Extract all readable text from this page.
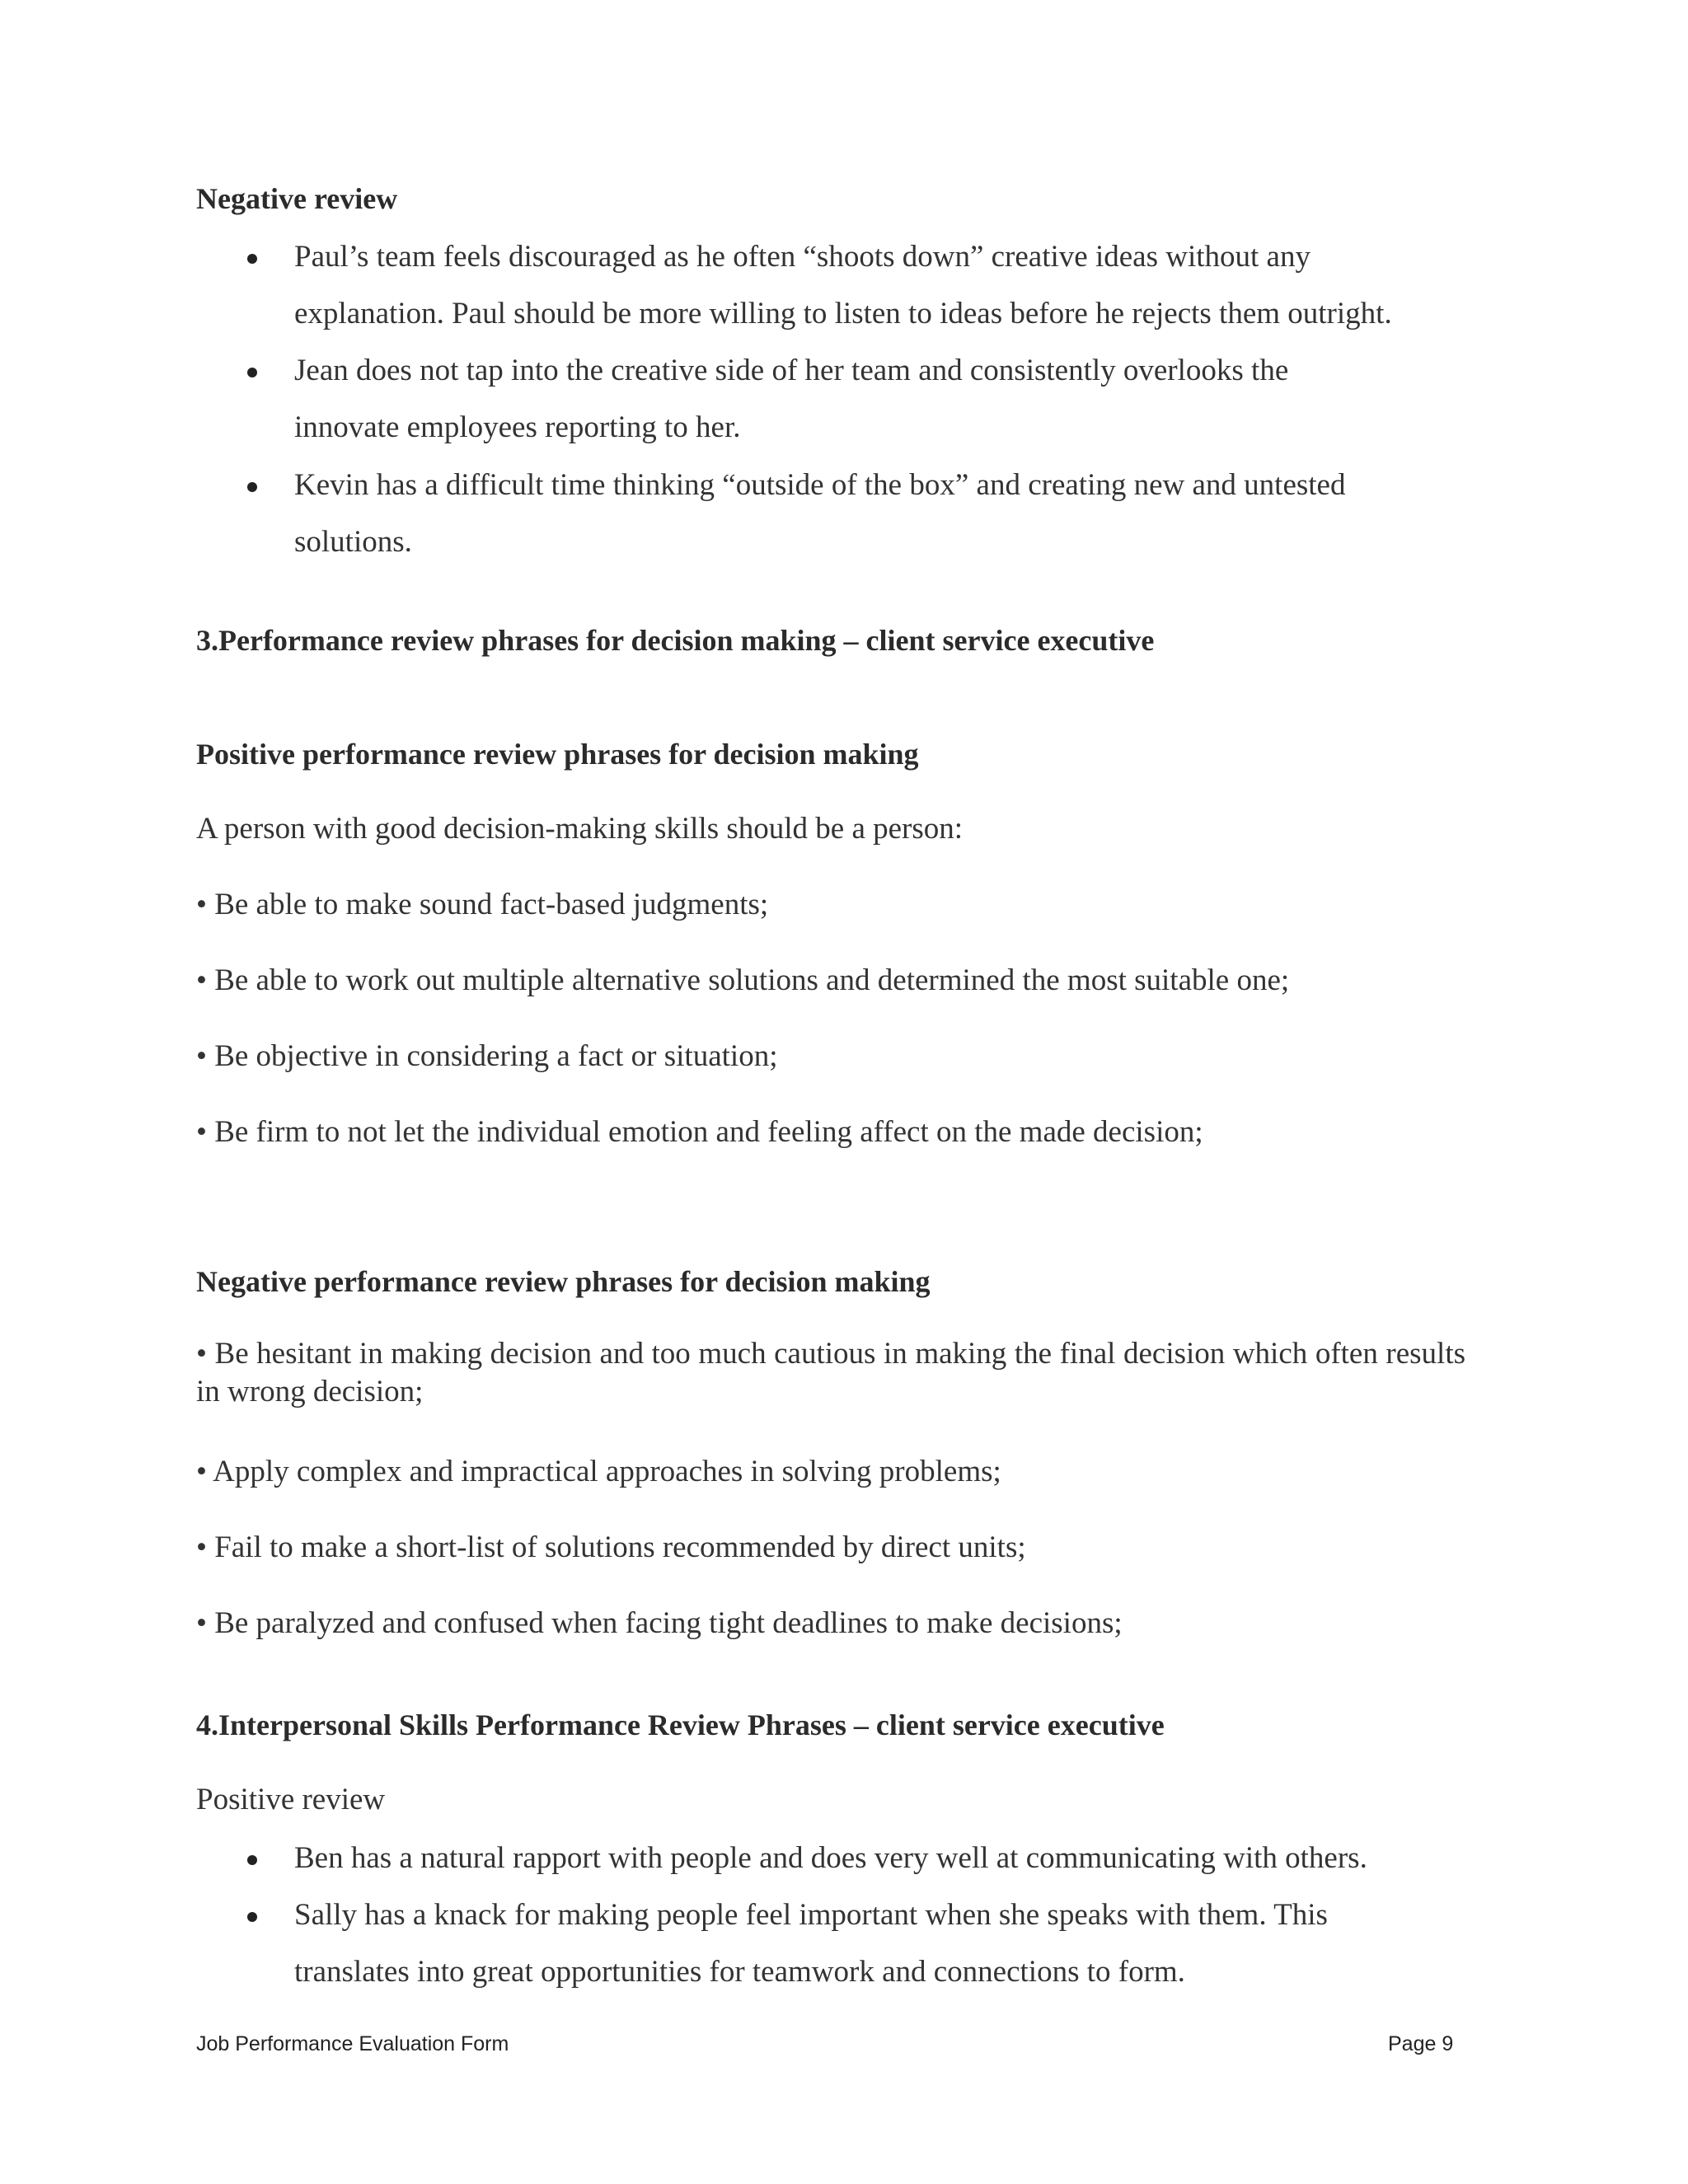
Negative review
Paul’s team feels discouraged as he often “shoots down” creative ideas without any
explanation. Paul should be more willing to listen to ideas before he rejects them outright.
Jean does not tap into the creative side of her team and consistently overlooks the
innovate employees reporting to her.
Kevin has a difficult time thinking “outside of the box” and creating new and untested
solutions.
3.Performance review phrases for decision making – client service executive
Positive performance review phrases for decision making
A person with good decision-making skills should be a person:
• Be able to make sound fact-based judgments;
• Be able to work out multiple alternative solutions and determined the most suitable one;
• Be objective in considering a fact or situation;
• Be firm to not let the individual emotion and feeling affect on the made decision;
Negative performance review phrases for decision making
• Be hesitant in making decision and too much cautious in making the final decision which often results in wrong decision;
• Apply complex and impractical approaches in solving problems;
• Fail to make a short-list of solutions recommended by direct units;
• Be paralyzed and confused when facing tight deadlines to make decisions;
4.Interpersonal Skills Performance Review Phrases – client service executive
Positive review
Ben has a natural rapport with people and does very well at communicating with others.
Sally has a knack for making people feel important when she speaks with them. This
translates into great opportunities for teamwork and connections to form.
Job Performance Evaluation Form	Page 9
